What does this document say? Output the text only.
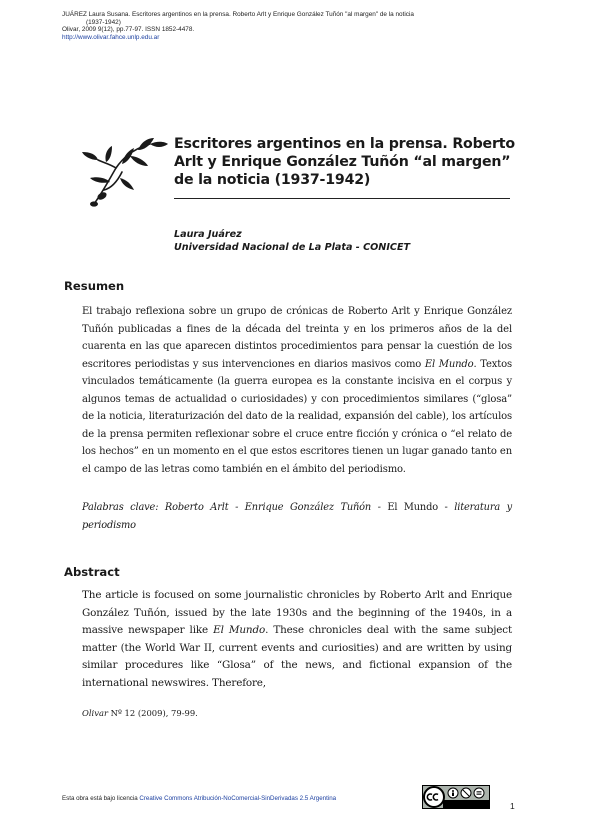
JUÁREZ Laura Susana. Escritores argentinos en la prensa. Roberto Arlt y Enrique González Tuñón "al margen" de la noticia
(1937-1942)
Olivar, 2009 9(12), pp.77-97. ISSN 1852-4478.
http://www.olivar.fahce.unlp.edu.ar
Escritores argentinos en la prensa. Roberto Arlt y Enrique González Tuñón “al margen” de la noticia (1937-1942)
Laura Juárez
Universidad Nacional de La Plata - CONICET
Resumen

El trabajo reflexiona sobre un grupo de crónicas de Roberto Arlt y Enrique González Tuñón publicadas a fines de la década del treinta y en los primeros años de la del cuarenta en las que aparecen distintos procedimientos para pensar la cuestión de los escritores periodistas y sus intervenciones en diarios masivos como El Mundo. Textos vinculados temáticamente (la guerra europea es la constante incisiva en el corpus y algunos temas de actualidad o curiosidades) y con procedimientos similares (“glosa” de la noticia, literaturización del dato de la realidad, expansión del cable), los artículos de la prensa permiten reflexionar sobre el cruce entre ficción y crónica o “el relato de los hechos” en un momento en el que estos escritores tienen un lugar ganado tanto en el campo de las letras como también en el ámbito del periodismo.

Palabras clave: Roberto Arlt - Enrique González Tuñón - El Mundo - literatura y periodismo

Abstract

The article is focused on some journalistic chronicles by Roberto Arlt and Enrique González Tuñón, issued by the late 1930s and the beginning of the 1940s, in a massive newspaper like El Mundo. These chronicles deal with the same subject matter (the World War II, current events and curiosities) and are written by using similar procedures like “Glosa” of the news, and fictional expansion of the international newswires. Therefore,

Olivar Nº 12 (2009), 79-99.
Esta obra está bajo licencia Creative Commons Atribución-NoComercial-SinDerivadas 2.5 Argentina
1
